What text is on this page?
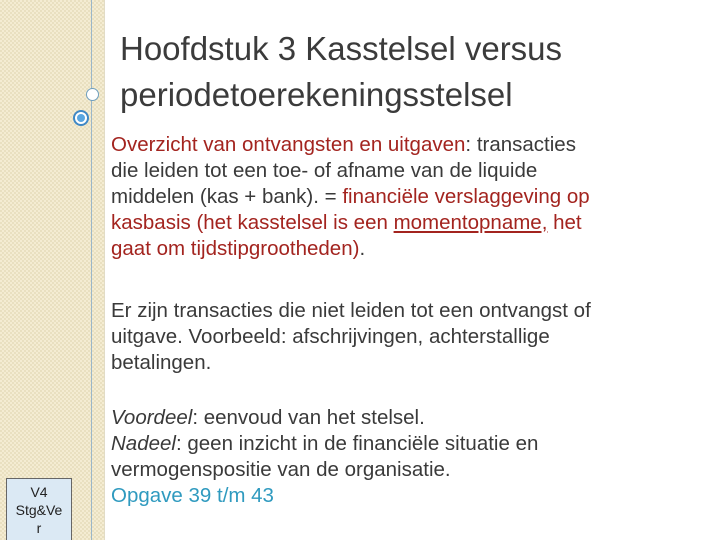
Hoofdstuk 3 Kasstelsel versus
periodetoerekeningsstelsel
Overzicht van ontvangsten en uitgaven: transacties
die leiden tot een toe- of afname van de liquide
middelen (kas + bank). = financiële verslaggeving op
kasbasis (het kasstelsel is een momentopname, het
gaat om tijdstipgrootheden).
Er zijn transacties die niet leiden tot een ontvangst of
uitgave. Voorbeeld: afschrijvingen, achterstallige
betalingen.
Voordeel: eenvoud van het stelsel.
Nadeel: geen inzicht in de financiële situatie en
vermogenspositie van de organisatie.
Opgave 39 t/m 43
V4
Stg&Ve
r
